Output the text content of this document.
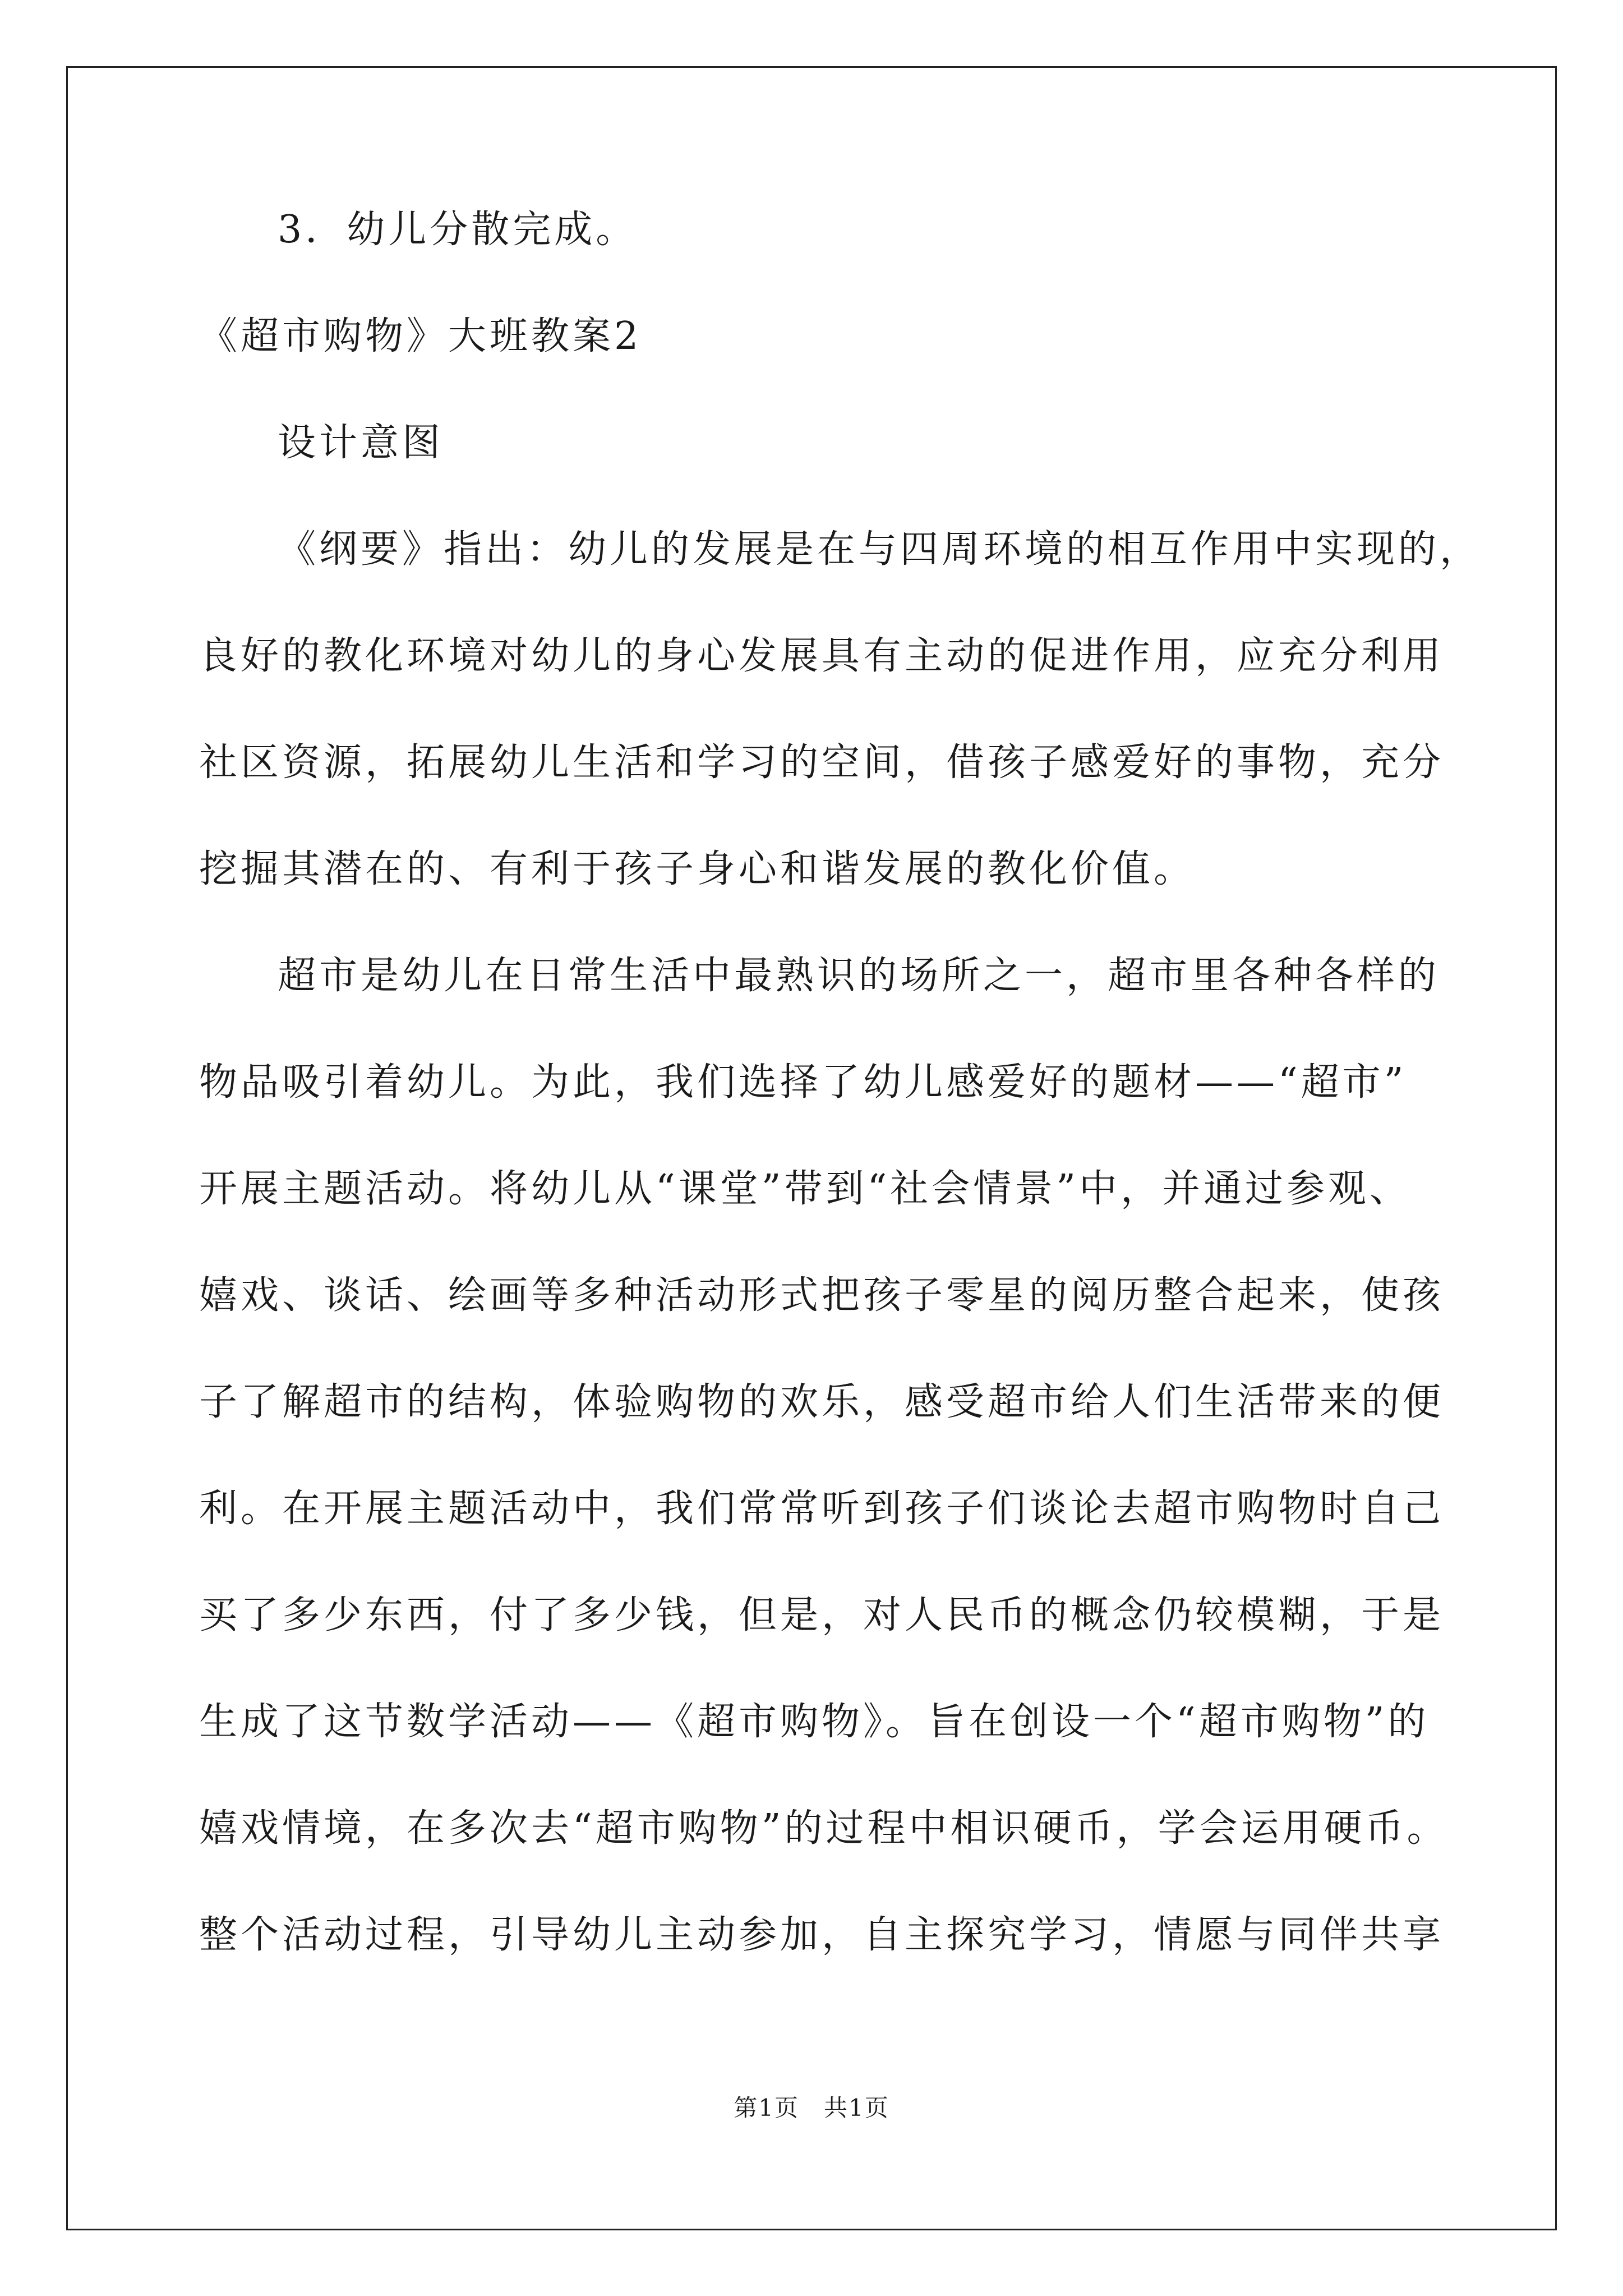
3．幼儿分散完成。
《超市购物》大班教案2
设计意图
《纲要》指出：幼儿的发展是在与四周环境的相互作用中实现的，
良好的教化环境对幼儿的身心发展具有主动的促进作用，应充分利用
社区资源，拓展幼儿生活和学习的空间，借孩子感爱好的事物，充分
挖掘其潜在的、有利于孩子身心和谐发展的教化价值。
超市是幼儿在日常生活中最熟识的场所之一，超市里各种各样的
物品吸引着幼儿。为此，我们选择了幼儿感爱好的题材——“超市”
开展主题活动。将幼儿从“课堂”带到“社会情景”中，并通过参观、
嬉戏、谈话、绘画等多种活动形式把孩子零星的阅历整合起来，使孩
子了解超市的结构，体验购物的欢乐，感受超市给人们生活带来的便
利。在开展主题活动中，我们常常听到孩子们谈论去超市购物时自己
买了多少东西，付了多少钱，但是，对人民币的概念仍较模糊，于是
生成了这节数学活动——《超市购物》。旨在创设一个“超市购物”的
嬉戏情境，在多次去“超市购物”的过程中相识硬币，学会运用硬币。
整个活动过程，引导幼儿主动参加，自主探究学习，情愿与同伴共享
第1页　共1页
